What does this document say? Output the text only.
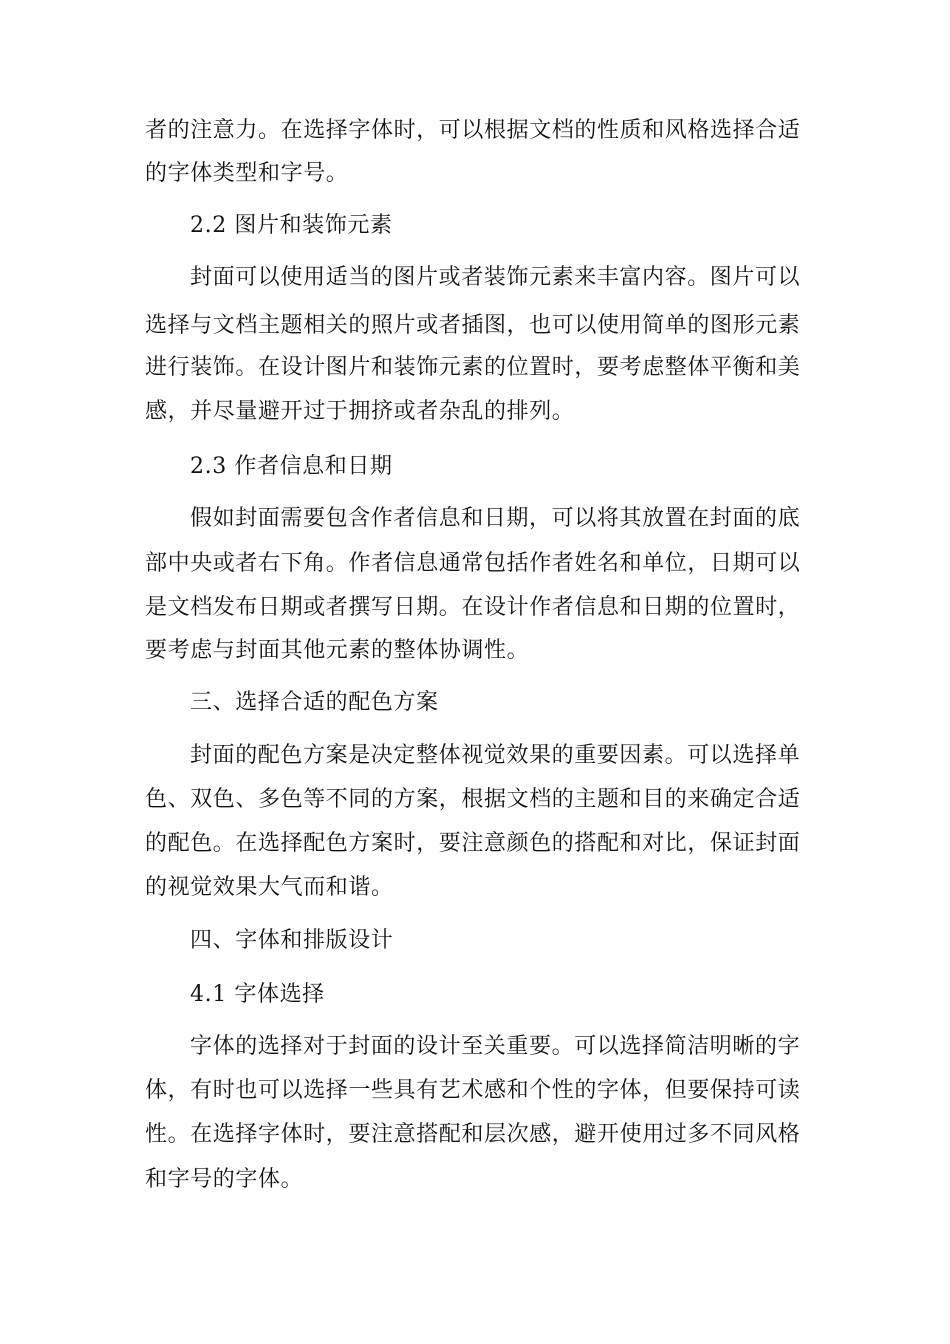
者的注意力。在选择字体时，可以根据文档的性质和风格选择合适
的字体类型和字号。
2.2 图片和装饰元素
封面可以使用适当的图片或者装饰元素来丰富内容。图片可以
选择与文档主题相关的照片或者插图，也可以使用简单的图形元素
进行装饰。在设计图片和装饰元素的位置时，要考虑整体平衡和美
感，并尽量避开过于拥挤或者杂乱的排列。
2.3 作者信息和日期
假如封面需要包含作者信息和日期，可以将其放置在封面的底
部中央或者右下角。作者信息通常包括作者姓名和单位，日期可以
是文档发布日期或者撰写日期。在设计作者信息和日期的位置时，
要考虑与封面其他元素的整体协调性。
三、选择合适的配色方案
封面的配色方案是决定整体视觉效果的重要因素。可以选择单
色、双色、多色等不同的方案，根据文档的主题和目的来确定合适
的配色。在选择配色方案时，要注意颜色的搭配和对比，保证封面
的视觉效果大气而和谐。
四、字体和排版设计
4.1 字体选择
字体的选择对于封面的设计至关重要。可以选择简洁明晰的字
体，有时也可以选择一些具有艺术感和个性的字体，但要保持可读
性。在选择字体时，要注意搭配和层次感，避开使用过多不同风格
和字号的字体。
